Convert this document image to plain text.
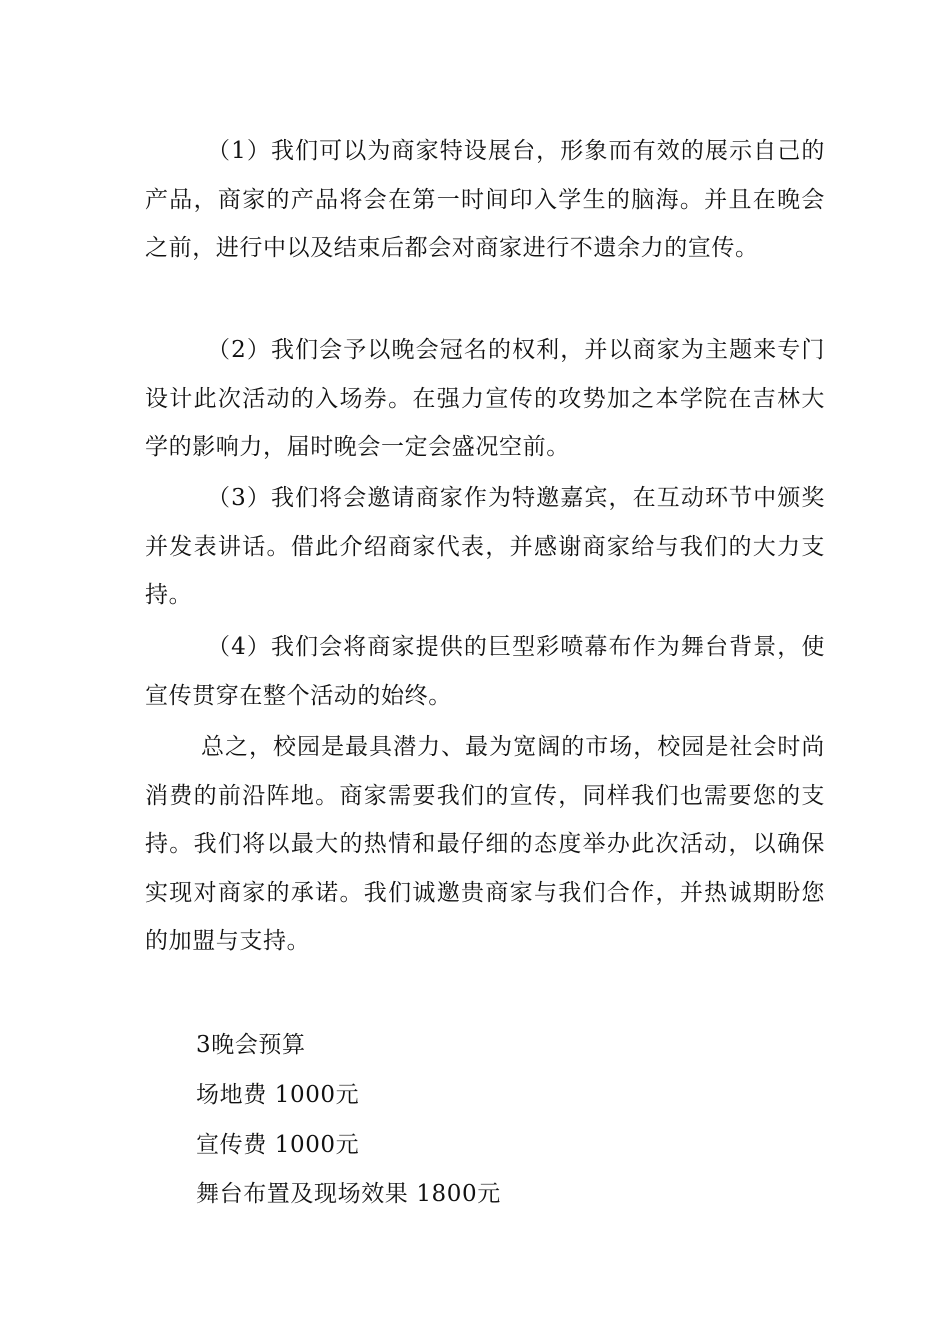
（1）我们可以为商家特设展台，形象而有效的展示自己的产品，商家的产品将会在第一时间印入学生的脑海。并且在晚会之前，进行中以及结束后都会对商家进行不遗余力的宣传。

（2）我们会予以晚会冠名的权利，并以商家为主题来专门设计此次活动的入场券。在强力宣传的攻势加之本学院在吉林大学的影响力，届时晚会一定会盛况空前。

（3）我们将会邀请商家作为特邀嘉宾，在互动环节中颁奖并发表讲话。借此介绍商家代表，并感谢商家给与我们的大力支持。

（4）我们会将商家提供的巨型彩喷幕布作为舞台背景，使宣传贯穿在整个活动的始终。

总之，校园是最具潜力、最为宽阔的市场，校园是社会时尚消费的前沿阵地。商家需要我们的宣传，同样我们也需要您的支持。我们将以最大的热情和最仔细的态度举办此次活动，以确保实现对商家的承诺。我们诚邀贵商家与我们合作，并热诚期盼您的加盟与支持。

3晚会预算

场地费 1000元

宣传费 1000元

舞台布置及现场效果 1800元
